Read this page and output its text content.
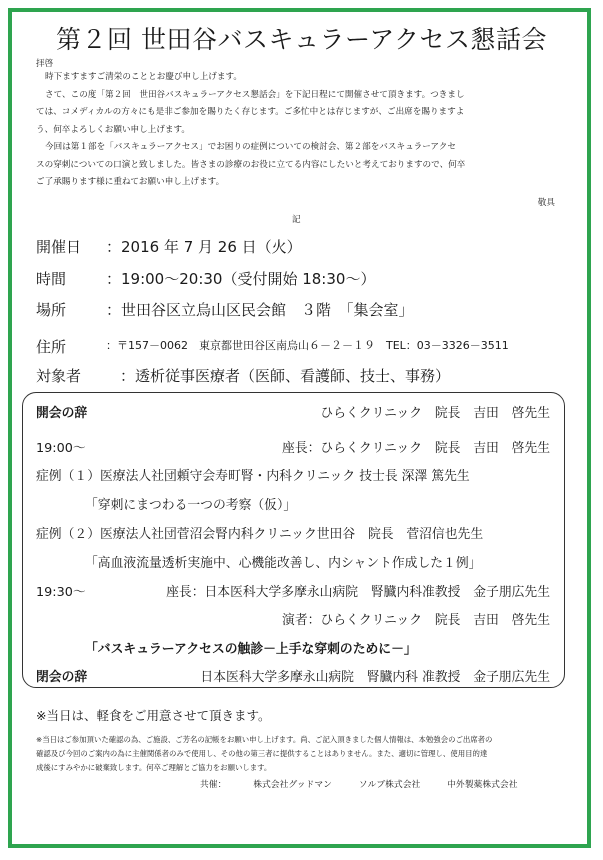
第２回 世田谷バスキュラーアクセス懇話会
拝啓
時下ますますご清栄のこととお慶び申し上げます。
さて、この度「第２回　世田谷バスキュラーアクセス懇話会」を下記日程にて開催させて頂きます。つきまし
ては、コメディカルの方々にも是非ご参加を賜りたく存じます。ご多忙中とは存じますが、ご出席を賜りますよ
う、何卒よろしくお願い申し上げます。
今回は第１部を「バスキュラーアクセス」でお困りの症例についての検討会、第２部をバスキュラーアクセ
スの穿刺についての口演と致しました。皆さまの診療のお役に立てる内容にしたいと考えておりますので、何卒
ご了承賜ります様に重ねてお願い申し上げます。
敬具
記
開催日	：2016 年 7 月 26 日（火）
時間	：19:00～20:30（受付開始 18:30～）
場所	：世田谷区立烏山区民会館　３階　「集会室」
住所	：〒157－0062　東京都世田谷区南烏山６－２－１９　TEL：03－3326－3511
対象者	：透析従事医療者（医師、看護師、技士、事務）
開会の辞	ひらくクリニック　院長　吉田　啓先生
19:00～	座長：ひらくクリニック　院長　吉田　啓先生
症例（１）医療法人社団頼守会寿町腎・内科クリニック 技士長 深澤 篤先生
「穿刺にまつわる一つの考察（仮）」
症例（２）医療法人社団菅沼会腎内科クリニック世田谷　院長　菅沼信也先生
「高血液流量透析実施中、心機能改善し、内シャント作成した１例」
19:30～	座長：日本医科大学多摩永山病院　腎臓内科准教授　金子朋広先生
演者：ひらくクリニック　院長　吉田　啓先生
「バスキュラーアクセスの触診－上手な穿刺のために－」
閉会の辞	日本医科大学多摩永山病院　腎臓内科 准教授　金子朋広先生
※当日は、軽食をご用意させて頂きます。
※当日はご参加頂いた確認の為、ご施設、ご芳名の記帳をお願い申し上げます。尚、ご記入頂きました個人情報は、本勉強会のご出席者の
確認及び今回のご案内の為に主催関係者のみで使用し、その他の第三者に提供することはありません。また、適切に管理し、使用目的達
成後にすみやかに破棄致します。何卒ご理解とご協力をお願いします。
共催：	株式会社グッドマン	ソルブ株式会社	中外製薬株式会社
